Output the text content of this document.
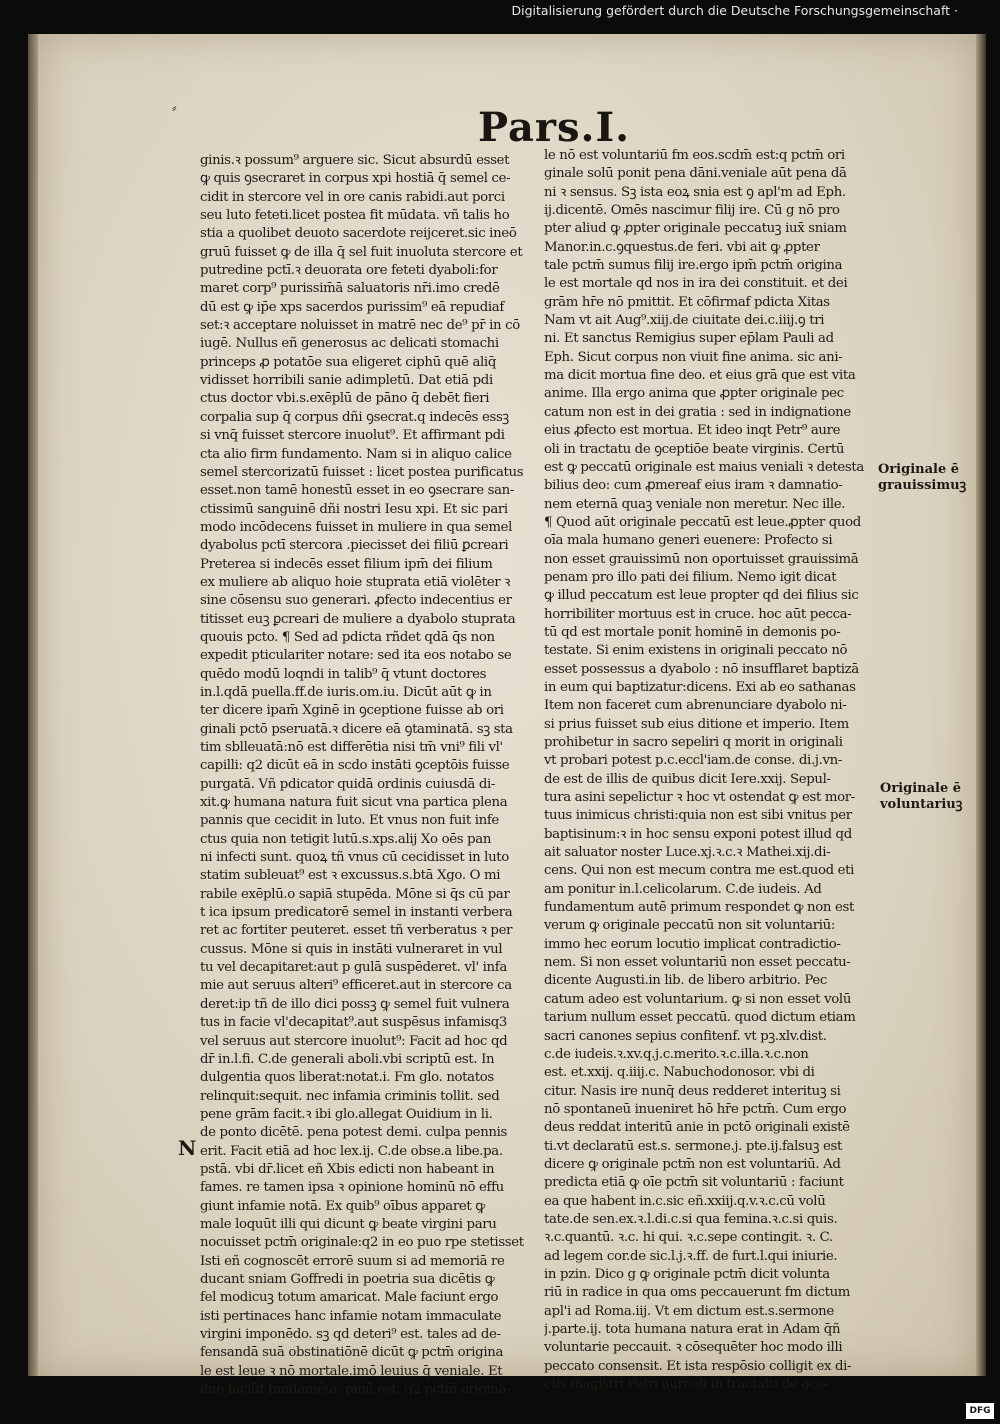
⸗	Pars.I.
ginis.ꝛ possum⁹ arguere sic. Sicut absurdū esset
ꝙ quis ꝯsecraret in corpus xpi hostiā q̄ semel ce-
cidit in stercore vel in ore canis rabidi.aut porci
seu luto feteti.licet postea fit mūdata. vñ talis ho
stia a quolibet deuoto sacerdote reijceret.sic ineō
gruū fuisset ꝙ de illa q̄ sel fuit inuoluta stercore et
putredine pctī.ꝛ deuorata ore feteti dyaboli:for
maret corp⁹ purissim̄ā saluatoris nr̄i.imo credē
dū est ꝙ ip̄e xps sacerdos purissim⁹ eā repudiaf
set:ꝛ acceptare noluisset in matrē nec de⁹ pr̄ in cō
iugē. Nullus eñ generosus ac delicati stomachi
princeps ꝓ potatōe sua eligeret ciphū quē aliq̄
vidisset horribili sanie adimpletū. Dat etiā pdi
ctus doctor vbi.s.exēplū de pāno q̄ debēt fieri
corpalia sup q̄ corpus dñi ꝯsecrat.q indecēs essꝫ
si vnq̄ fuisset stercore inuolut⁹. Et affirmant pdi
cta alio firm fundamento. Nam si in aliquo calice
semel stercorizatū fuisset : licet postea purificatus
esset.non tamē honestū esset in eo ꝯsecrare san-
ctissimū sanguinē dñi nostri Iesu xpi. Et sic pari
modo incōdecens fuisset in muliere in qua semel
dyabolus pctī stercora .piecisset dei filiū ꝑcreari
Preterea si indecēs esset filium ipm̄ dei filium
ex muliere ab aliquo hoie stuprata etiā violēter ꝛ
sine cōsensu suo generari. ꝓfecto indecentius er
titisset euꝫ ꝑcreari de muliere a dyabolo stuprata
quouis pcto. ¶ Sed ad pdicta rñdet qdā q̄s non
expedit pticulariter notare: sed ita eos notabo se
quēdo modū loqndi in talib⁹ q̄ vtunt doctores
in.l.qdā puella.ff.de iuris.om.iu. Dicūt aūt ꝙ in
ter dicere ipam̄ Xginē in ꝯceptione fuisse ab ori
ginali pctō pseruatā.ꝛ dicere eā ꝯtaminatā. sꝫ sta
tim sblleuatā:nō est differētia nisi tm̄ vni⁹ fili vl'
capilli: q2 dicūt eā in scdo instāti ꝯceptōis fuisse
purgatā. Vñ pdicator quidā ordinis cuiusdā di-
xit.ꝙ humana natura fuit sicut vna partica plena
pannis que cecidit in luto. Et vnus non fuit infe
ctus quia non tetigit lutū.s.xps.alij Xo oēs pan
ni infecti sunt. quoꝝ tñ vnus cū cecidisset in luto
statim subleuat⁹ est ꝛ excussus.s.btā Xgo. O mi
rabile exēplū.o sapiā stupēda. Mōne si q̄s cū par
t ica ipsum predicatorē semel in instanti verbera
ret ac fortiter peuteret. esset tñ verberatus ꝛ per
cussus. Mōne si quis in instāti vulneraret in vul
tu vel decapitaret:aut p gulā suspēderet. vl' infa
mie aut seruus alteri⁹ efficeret.aut in stercore ca
deret:ip tñ de illo dici possꝫ ꝙ semel fuit vulnera
tus in facie vl'decapitat⁹.aut suspēsus infamisq3
vel seruus aut stercore inuolut⁹: Facit ad hoc qd
dr̄ in.l.fi. C.de generali aboli.vbi scriptū est. In
dulgentia quos liberat:notat.i. Fm glo. notatos
relinquit:sequit. nec infamia criminis tollit. sed
pene grām facit.ꝛ ibi glo.allegat Ouidium in li.
de ponto dicētē. pena potest demi. culpa pennis
erit. Facit etiā ad hoc lex.ij. C.de obse.a libe.pa.
pstā. vbi dr̄.licet eñ Xbis edicti non habeant in
fames. re tamen ipsa ꝛ opinione hominū nō effu
giunt infamie notā. Ex quib⁹ oībus apparet ꝙ
male loquūt illi qui dicunt ꝙ beate virgini paru
nocuisset pctm̄ originale:q2 in eo puo rpe stetisset
Isti eñ cognoscēt errorē suum si ad memoriā re
ducant sniam Goffredi in poetria sua dicētis ꝙ
fel modicuꝫ totum amaricat. Male faciunt ergo
isti pertinaces hanc infamie notam immaculate
virgini imponēdo. sꝫ qd̄ deteri⁹ est. tales ad de-
fensandā suā obstinatiōnē dicūt ꝙ pctm̄ origina
le est leue ꝛ nō mortale.imō leuius q̄ veniale. Et
duo faciūt fundamēta. pmū est. q2 pctm̄ origina-
le nō est voluntariū f̄m eos.scdm̄ est:q pctm̄ ori
ginale solū ponit pena dāni.veniale aūt pena dā
ni ꝛ sensus. Sꝫ ista eoꝝ snia est ꝯ apl'm ad Eph.
ij.dicentē. Omēs nascimur filij ire. Cū g nō pro
pter aliud ꝙ ꝓpter originale peccatuꝫ iux̄ sniam
Manor.in.c.ꝯquestus.de feri. vbi ait ꝙ ꝓpter
tale pctm̄ sumus filij ire.ergo ipm̄ pctm̄ origina
le est mortale qd̄ nos in ira dei constituit. et dei
grām hr̄e nō pmittit. Et cōfirmaf pdicta Xitas
Nam vt ait Aug⁹.xiij.de ciuitate dei.c.iiij.ꝯ tri
ni. Et sanctus Remigius super ep̄lam Pauli ad
Eph. Sicut corpus non viuit fine anima. sic ani-
ma dicit mortua fine deo. et eius grā que est vita
anime. Illa ergo anima que ꝓpter originale pec
catum non est in dei gratia : sed in indignatione
eius ꝓfecto est mortua. Et ideo inqt Petr⁹ aure
oli in tractatu de ꝯceptiōe beate virginis. Certū
est ꝙ peccatū originale est maius veniali ꝛ detesta
bilius deo: cum ꝓmereaf eius iram ꝛ damnatio-
nem eternā quaꝫ veniale non meretur. Nec ille.
¶ Quod aūt originale peccatū est leue.ꝓpter quod
oīa mala humano generi euenere: Profecto si
non esset grauissimū non oportuisset grauissimā
penam pro illo pati dei filium. Nemo igit dicat
ꝙ illud peccatum est leue propter qd̄ dei filius sic
horribiliter mortuus est in cruce. hoc aūt pecca-
tū qd̄ est mortale ponit hominē in demonis po-
testate. Si enim existens in originali peccato nō
esset possessus a dyabolo : nō insufflaret baptizā
in eum qui baptizatur:dicens. Exi ab eo sathanas
Item non faceret cum abrenunciare dyabolo ni-
si prius fuisset sub eius ditione et imperio. Item
prohibetur in sacro sepeliri q morit in originali
vt probari potest p.c.eccl'iam.de conse. di.j.vn-
de est de illis de quibus dicit Iere.xxij. Sepul-
tura asini sepelictur ꝛ hoc vt ostendat ꝙ est mor-
tuus inimicus christi:quia non est sibi vnitus per
baptisinum:ꝛ in hoc sensu exponi potest illud qd̄
ait saluator noster Luce.xj.ꝛ.c.ꝛ Mathei.xij.di-
cens. Qui non est mecum contra me est.quod eti
am ponitur in.l.celicolarum. C.de iudeis. Ad
fundamentum autē primum respondet ꝙ non est
verum ꝙ originale peccatū non sit voluntariū:
immo hec eorum locutio implicat contradictio-
nem. Si non esset voluntariū non esset peccatu-
dicente Augusti.in lib. de libero arbitrio. Pec
catum adeo est voluntarium. ꝙ si non esset volū
tarium nullum esset peccatū. quod dictum etiam
sacri canones sepius confitenf. vt pꝫ.xlv.dist.
c.de iudeis.ꝛ.xv.q.j.c.merito.ꝛ.c.illa.ꝛ.c.non
est. et.xxij. q.iiij.c. Nabuchodonosor. vbi di
citur. Nasis ire nunq̄ deus redderet interituꝫ si
nō spontaneū inueniret hō hr̄e pctm̄. Cum ergo
deus reddat interitū anie in pctō originali existē
ti.vt declaratū est.s. sermone.j. pte.ij.falsuꝫ est
dicere ꝙ originale pctm̄ non est voluntariū. Ad
predicta etiā ꝙ oīe pctm̄ sit voluntariū : faciunt
ea que habent in.c.sic eñ.xxiij.q.v.ꝛ.c.cū volū
tate.de sen.ex.ꝛ.l.di.c.si qua femina.ꝛ.c.si quis.
ꝛ.c.quantū. ꝛ.c. hi qui. ꝛ.c.sepe contingit. ꝛ. C.
ad legem cor.de sic.l.j.ꝛ.ff. de furt.l.qui iniurie.
in pzin. Dico g ꝙ originale pctm̄ dicit volunta
riū in radice in qua oms peccauerunt f̄m dictum
apl'i ad Roma.iij. Vt em dictum est.s.sermone
j.parte.ij. tota humana natura erat in Adam q̄ñ
voluntarie peccauit. ꝛ cōsequēter hoc modo illi
peccato consensit. Et ista respōsio colligit ex di-
ctis magistri Petri aureoli in tractatu de ꝯce-
Originale ē
grauissimuꝫ
Originale ē
voluntariuꝫ
N
Digitalisierung gefördert durch die Deutsche Forschungsgemeinschaft ·
DFG
